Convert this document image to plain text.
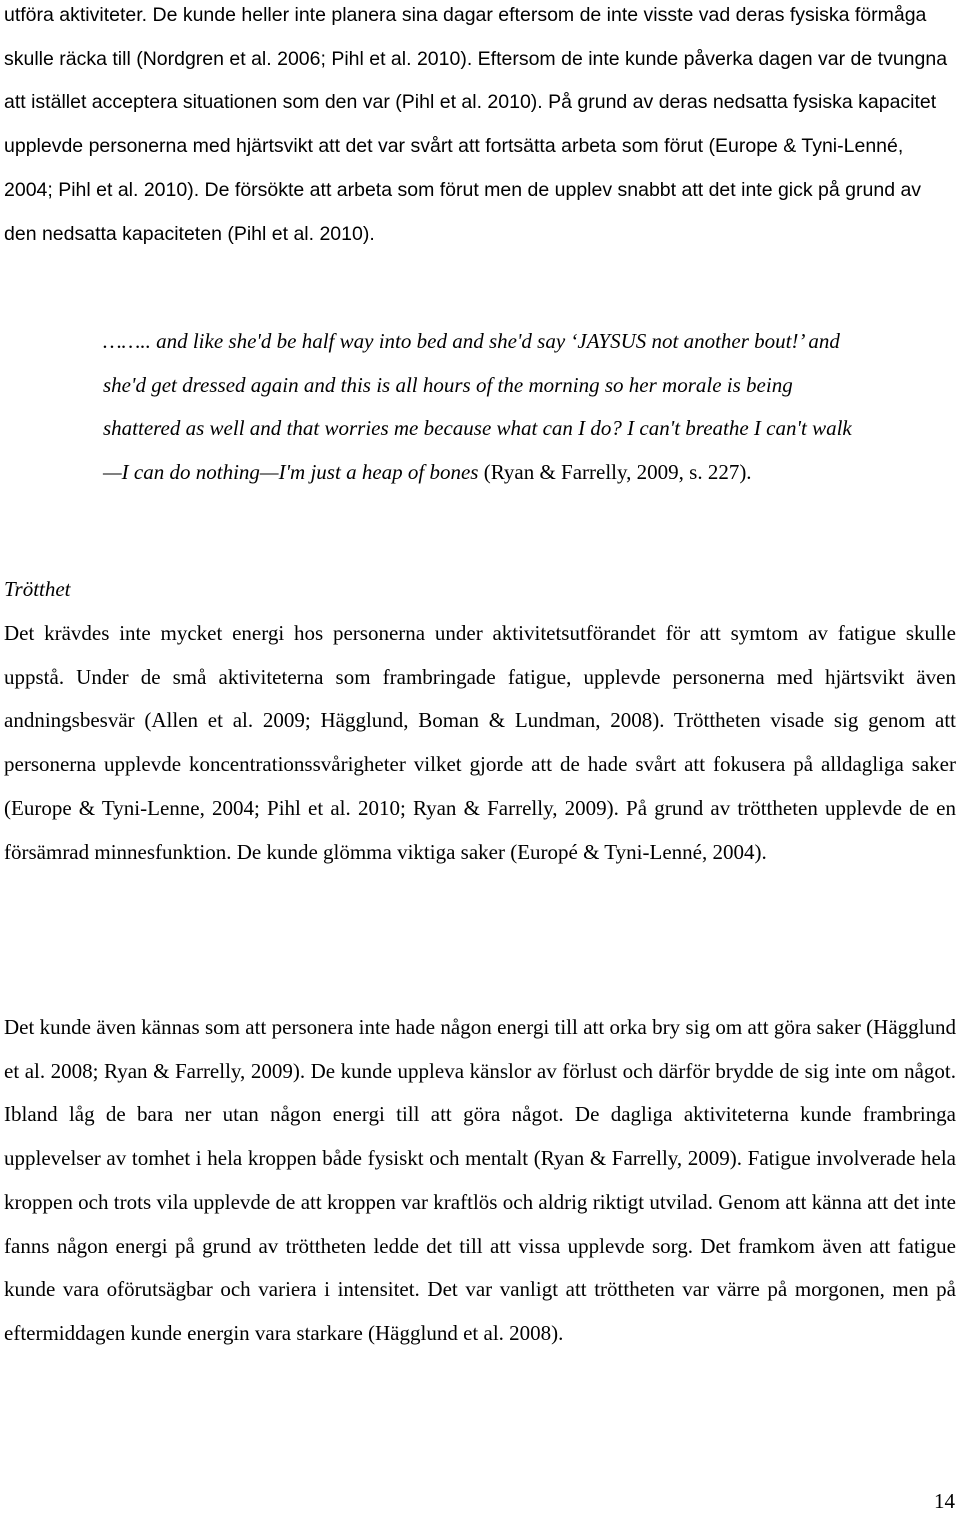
utföra aktiviteter. De kunde heller inte planera sina dagar eftersom de inte visste vad deras fysiska förmåga skulle räcka till (Nordgren et al. 2006; Pihl et al. 2010). Eftersom de inte kunde påverka dagen var de tvungna att istället acceptera situationen som den var (Pihl et al. 2010). På grund av deras nedsatta fysiska kapacitet upplevde personerna med hjärtsvikt att det var svårt att fortsätta arbeta som förut (Europe & Tyni-Lenné, 2004; Pihl et al. 2010). De försökte att arbeta som förut men de upplev snabbt att det inte gick på grund av den nedsatta kapaciteten (Pihl et al. 2010).

…….. and like she'd be half way into bed and she'd say ‘JAYSUS not another bout!’ and she'd get dressed again and this is all hours of the morning so her morale is being shattered as well and that worries me because what can I do? I can't breathe I can't walk—I can do nothing—I'm just a heap of bones (Ryan & Farrelly, 2009, s. 227).

Trötthet

Det krävdes inte mycket energi hos personerna under aktivitetsutförandet för att symtom av fatigue skulle uppstå. Under de små aktiviteterna som frambringade fatigue, upplevde personerna med hjärtsvikt även andningsbesvär (Allen et al. 2009; Hägglund, Boman & Lundman, 2008). Tröttheten visade sig genom att personerna upplevde koncentrationssvårigheter vilket gjorde att de hade svårt att fokusera på alldagliga saker (Europe & Tyni-Lenne, 2004; Pihl et al. 2010; Ryan & Farrelly, 2009). På grund av tröttheten upplevde de en försämrad minnesfunktion. De kunde glömma viktiga saker (Europé & Tyni-Lenné, 2004).

Det kunde även kännas som att personera inte hade någon energi till att orka bry sig om att göra saker (Hägglund et al. 2008; Ryan & Farrelly, 2009). De kunde uppleva känslor av förlust och därför brydde de sig inte om något. Ibland låg de bara ner utan någon energi till att göra något. De dagliga aktiviteterna kunde frambringa upplevelser av tomhet i hela kroppen både fysiskt och mentalt (Ryan & Farrelly, 2009). Fatigue involverade hela kroppen och trots vila upplevde de att kroppen var kraftlös och aldrig riktigt utvilad. Genom att känna att det inte fanns någon energi på grund av tröttheten ledde det till att vissa upplevde sorg. Det framkom även att fatigue kunde vara oförutsägbar och variera i intensitet. Det var vanligt att tröttheten var värre på morgonen, men på eftermiddagen kunde energin vara starkare (Hägglund et al. 2008).

14
